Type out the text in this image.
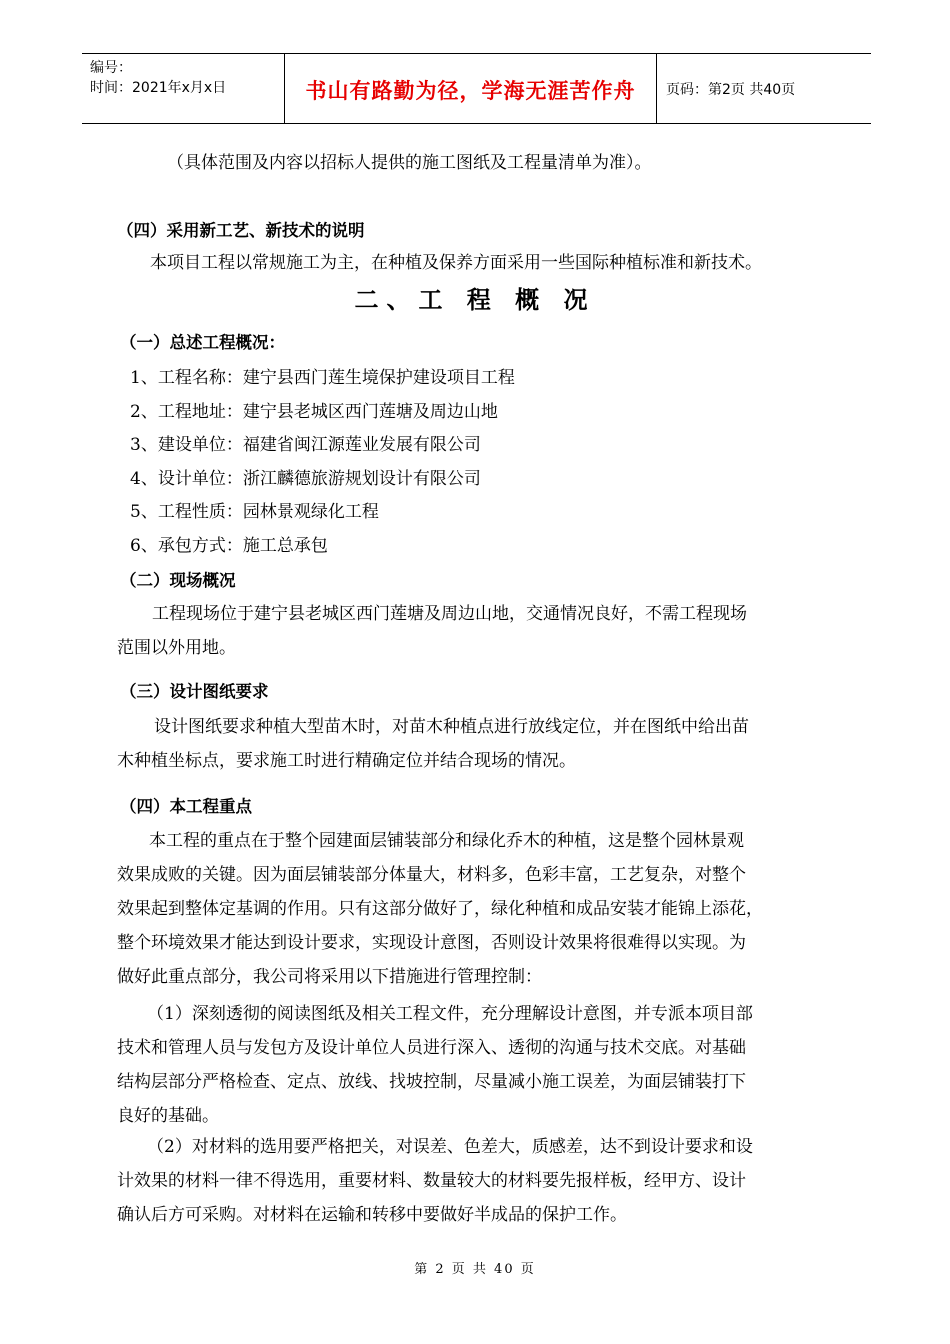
编号：
时间：2021年x月x日	书山有路勤为径，学海无涯苦作舟	页码：第2页 共40页
（具体范围及内容以招标人提供的施工图纸及工程量清单为准）。
（四）采用新工艺、新技术的说明
本项目工程以常规施工为主，在种植及保养方面采用一些国际种植标准和新技术。
二、工 程 概 况
（一）总述工程概况：
1、工程名称：建宁县西门莲生境保护建设项目工程
2、工程地址：建宁县老城区西门莲塘及周边山地
3、建设单位：福建省闽江源莲业发展有限公司
4、设计单位：浙江麟德旅游规划设计有限公司
5、工程性质：园林景观绿化工程
6、承包方式：施工总承包
（二）现场概况
工程现场位于建宁县老城区西门莲塘及周边山地，交通情况良好，不需工程现场
范围以外用地。
（三）设计图纸要求
设计图纸要求种植大型苗木时，对苗木种植点进行放线定位，并在图纸中给出苗
木种植坐标点，要求施工时进行精确定位并结合现场的情况。
（四）本工程重点
本工程的重点在于整个园建面层铺装部分和绿化乔木的种植，这是整个园林景观
效果成败的关键。因为面层铺装部分体量大，材料多，色彩丰富，工艺复杂，对整个
效果起到整体定基调的作用。只有这部分做好了，绿化种植和成品安装才能锦上添花，
整个环境效果才能达到设计要求，实现设计意图，否则设计效果将很难得以实现。为
做好此重点部分，我公司将采用以下措施进行管理控制：
（1）深刻透彻的阅读图纸及相关工程文件，充分理解设计意图，并专派本项目部
技术和管理人员与发包方及设计单位人员进行深入、透彻的沟通与技术交底。对基础
结构层部分严格检查、定点、放线、找坡控制，尽量减小施工误差，为面层铺装打下
良好的基础。
（2）对材料的选用要严格把关，对误差、色差大，质感差，达不到设计要求和设
计效果的材料一律不得选用，重要材料、数量较大的材料要先报样板，经甲方、设计
确认后方可采购。对材料在运输和转移中要做好半成品的保护工作。
第 2 页 共 40 页
